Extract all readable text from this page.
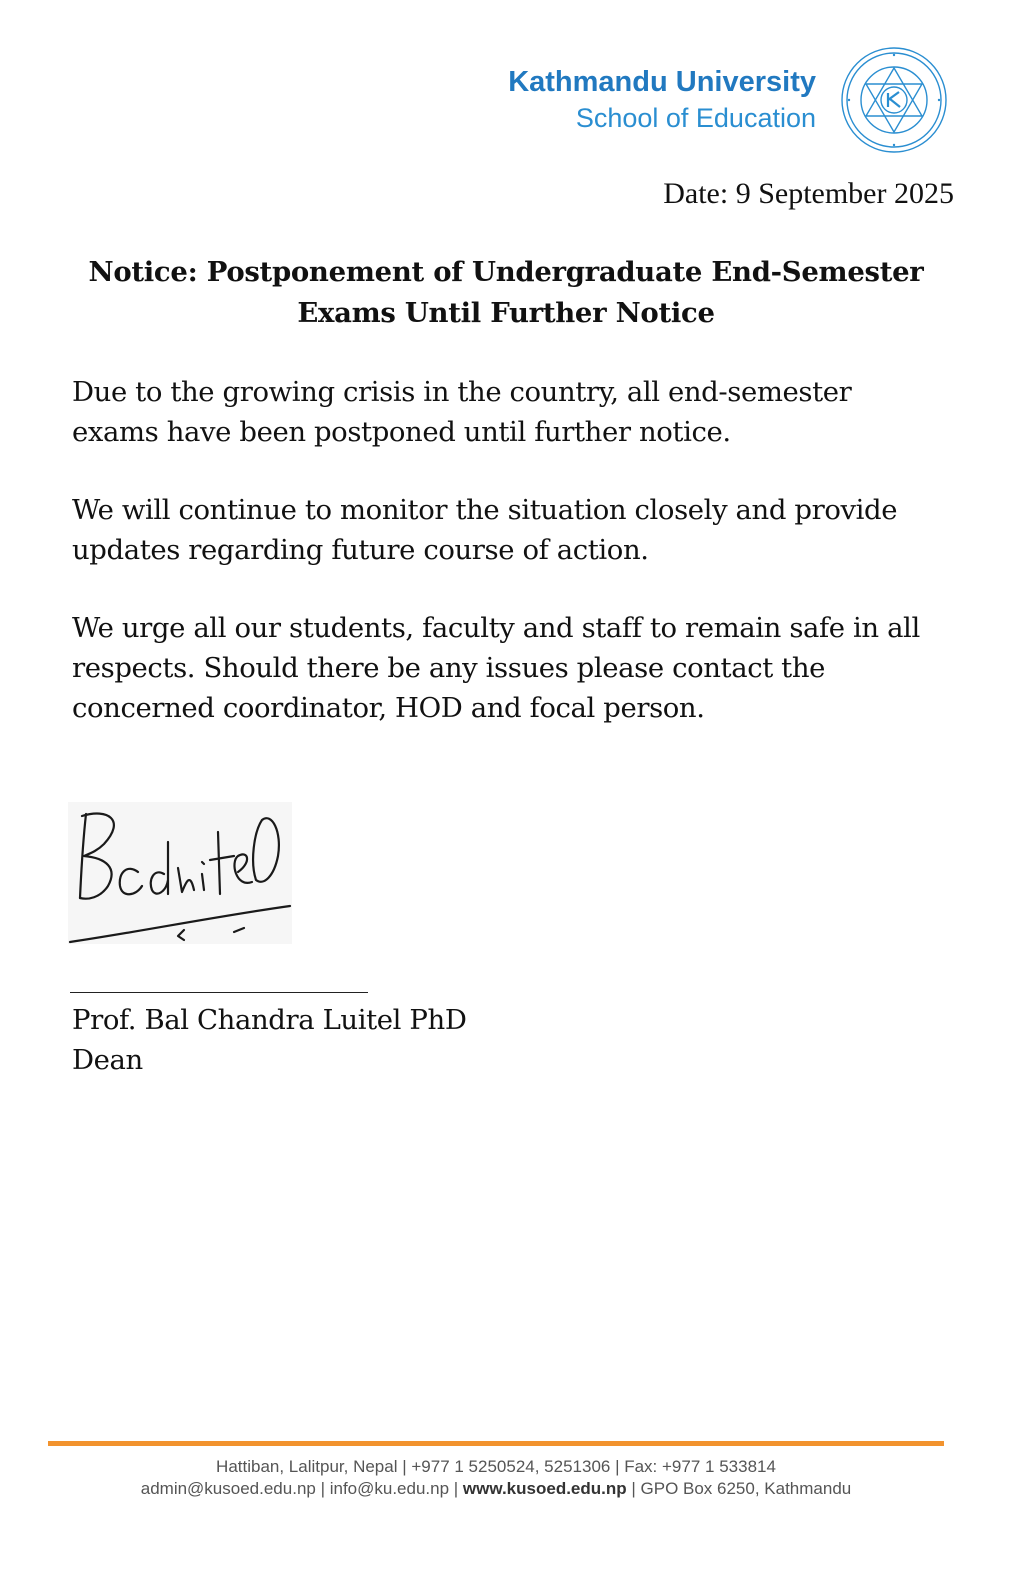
Kathmandu University
School of Education
Date: 9 September 2025
Notice: Postponement of Undergraduate End-Semester
Exams Until Further Notice

Due to the growing crisis in the country, all end-semester
exams have been postponed until further notice.

We will continue to monitor the situation closely and provide
updates regarding future course of action.

We urge all our students, faculty and staff to remain safe in all
respects. Should there be any issues please contact the
concerned coordinator, HOD and focal person.

Prof. Bal Chandra Luitel PhD
Dean
Hattiban, Lalitpur, Nepal | +977 1 5250524, 5251306 | Fax: +977 1 533814
admin@kusoed.edu.np | info@ku.edu.np | www.kusoed.edu.np | GPO Box 6250, Kathmandu
